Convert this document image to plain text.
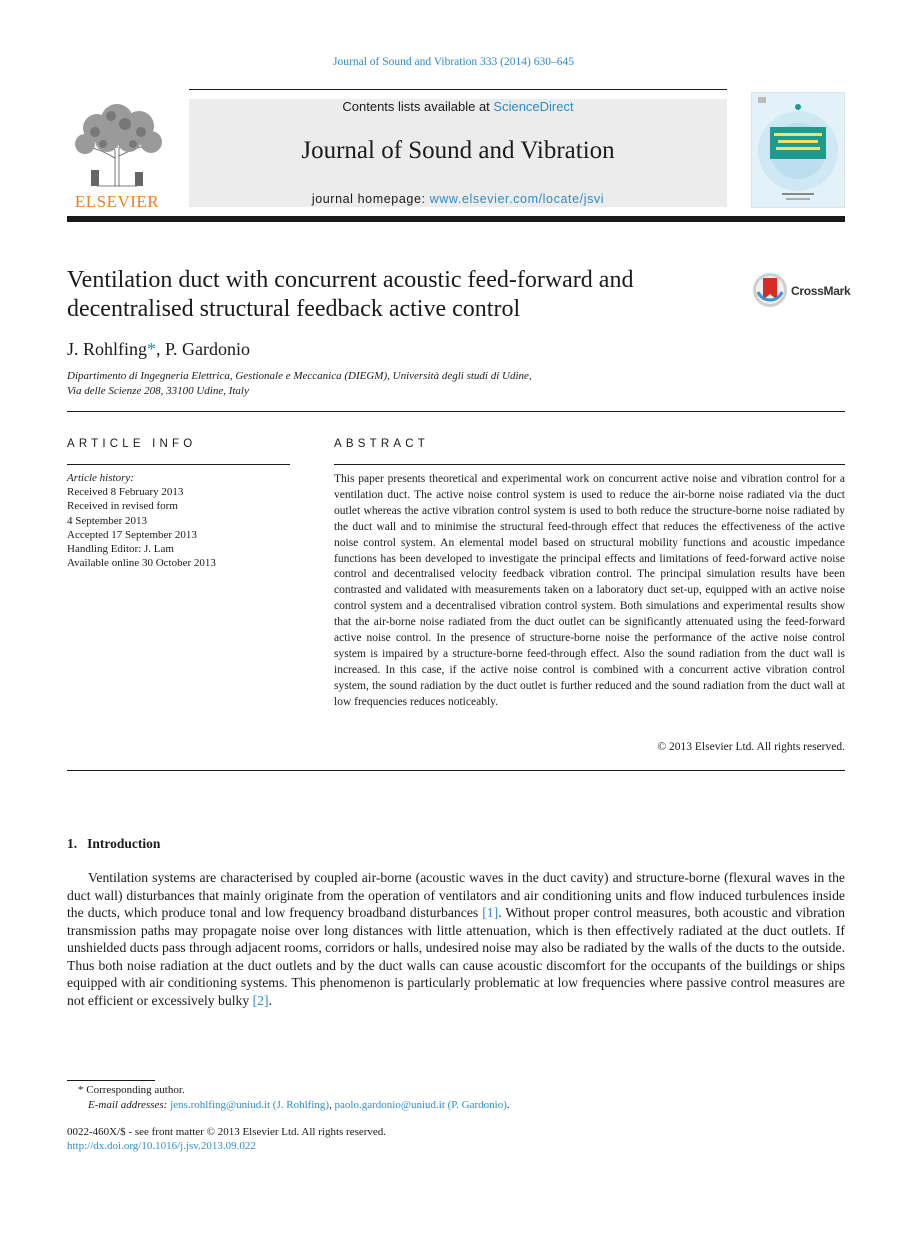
Journal of Sound and Vibration 333 (2014) 630–645
ELSEVIER
Contents lists available at ScienceDirect
Journal of Sound and Vibration
journal homepage: www.elsevier.com/locate/jsvi
Ventilation duct with concurrent acoustic feed-forward and
decentralised structural feedback active control
CrossMark
J. Rohlfing*, P. Gardonio
Dipartimento di Ingegneria Elettrica, Gestionale e Meccanica (DIEGM), Università degli studi di Udine,
Via delle Scienze 208, 33100 Udine, Italy
ARTICLE INFO
Article history:
Received 8 February 2013
Received in revised form
4 September 2013
Accepted 17 September 2013
Handling Editor: J. Lam
Available online 30 October 2013
ABSTRACT

This paper presents theoretical and experimental work on concurrent active noise and vibration control for a ventilation duct. The active noise control system is used to reduce the air-borne noise radiated via the duct outlet whereas the active vibration control system is used to both reduce the structure-borne noise radiated by the duct wall and to minimise the structural feed-through effect that reduces the effectiveness of the active noise control system. An elemental model based on structural mobility functions and acoustic impedance functions has been developed to investigate the principal effects and limitations of feed-forward active noise control and decentralised velocity feedback vibration control. The principal simulation results have been contrasted and validated with measurements taken on a laboratory duct set-up, equipped with an active noise control system and a decentralised vibration control system. Both simulations and experimental results show that the air-borne noise radiated from the duct outlet can be significantly attenuated using the feed-forward active noise control. In the presence of structure-borne noise the performance of the active noise control system is impaired by a structure-borne feed-through effect. Also the sound radiation from the duct wall is increased. In this case, if the active noise control is combined with a concurrent active vibration control system, the sound radiation by the duct outlet is further reduced and the sound radiation from the duct wall at low frequencies reduces noticeably.

© 2013 Elsevier Ltd. All rights reserved.
1. Introduction

Ventilation systems are characterised by coupled air-borne (acoustic waves in the duct cavity) and structure-borne (flexural waves in the duct wall) disturbances that mainly originate from the operation of ventilators and air conditioning units and flow induced turbulences inside the ducts, which produce tonal and low frequency broadband disturbances [1]. Without proper control measures, both acoustic and vibration transmission paths may propagate noise over long distances with little attenuation, which is then effectively radiated at the duct outlets. If unshielded ducts pass through adjacent rooms, corridors or halls, undesired noise may also be radiated by the walls of the ducts to the outside. Thus both noise radiation at the duct outlets and by the duct walls can cause acoustic discomfort for the occupants of the buildings or ships equipped with air conditioning systems. This phenomenon is particularly problematic at low frequencies where passive control measures are not efficient or excessively bulky [2].

* Corresponding author.
E-mail addresses: jens.rohlfing@uniud.it (J. Rohlfing), paolo.gardonio@uniud.it (P. Gardonio).
0022-460X/$ - see front matter © 2013 Elsevier Ltd. All rights reserved.
http://dx.doi.org/10.1016/j.jsv.2013.09.022
